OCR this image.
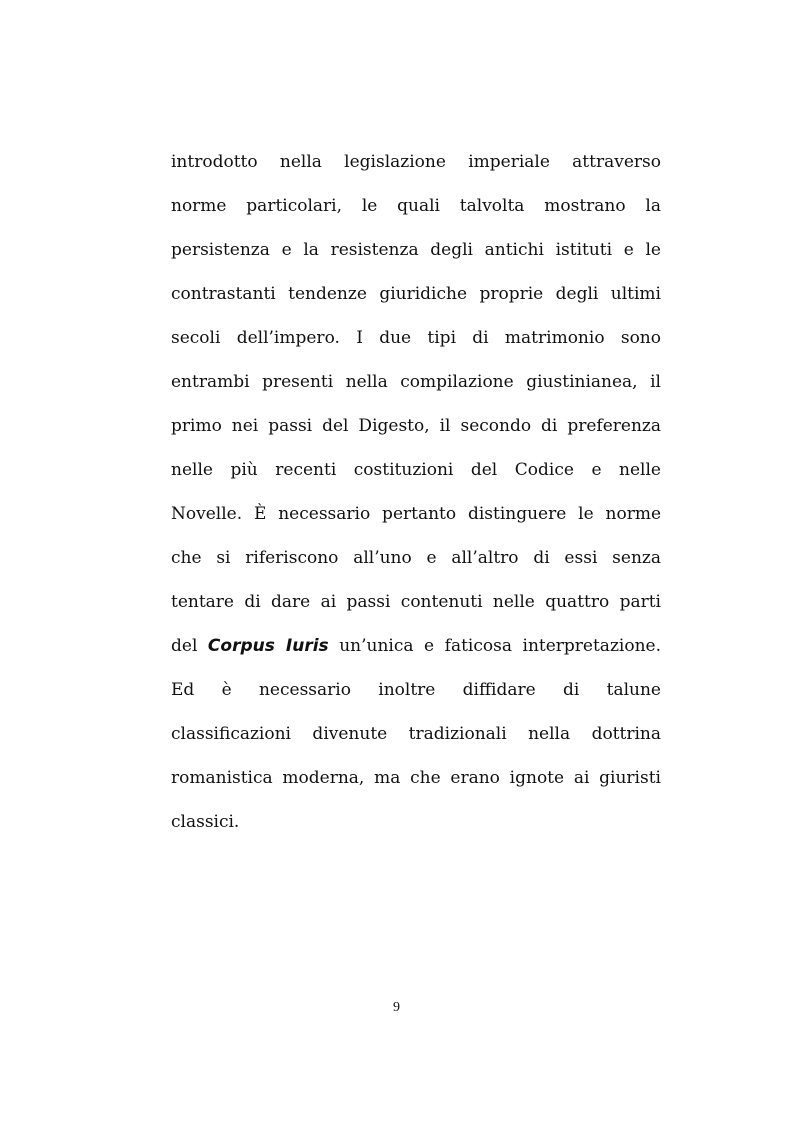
introdotto nella legislazione imperiale attraverso
norme particolari, le quali talvolta mostrano la
persistenza e la resistenza degli antichi istituti e le
contrastanti tendenze giuridiche proprie degli ultimi
secoli dell’impero. I due tipi di matrimonio sono
entrambi presenti nella compilazione giustinianea, il
primo nei passi del Digesto, il secondo di preferenza
nelle più recenti costituzioni del Codice e nelle
Novelle. È necessario pertanto distinguere le norme
che si riferiscono all’uno e all’altro di essi senza
tentare di dare ai passi contenuti nelle quattro parti
del Corpus Iuris un’unica e faticosa interpretazione.
Ed è necessario inoltre diffidare di talune
classificazioni divenute tradizionali nella dottrina
romanistica moderna, ma che erano ignote ai giuristi
classici.
9
